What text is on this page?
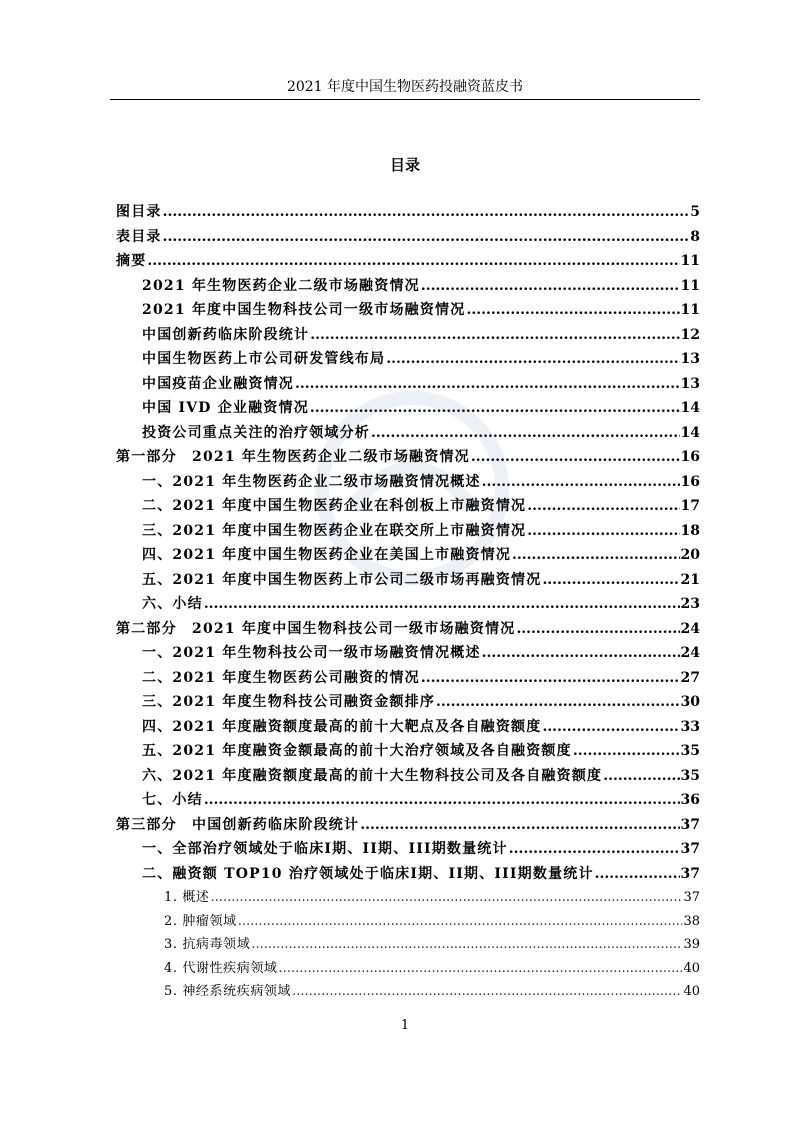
2021 年度中国生物医药投融资蓝皮书
目录
图目录 .....	5
表目录 .....	8
摘要 .....	11
2021 年生物医药企业二级市场融资情况 .....	11
2021 年度中国生物科技公司一级市场融资情况 .....	11
中国创新药临床阶段统计 .....	12
中国生物医药上市公司研发管线布局 .....	13
中国疫苗企业融资情况 .....	13
中国 IVD 企业融资情况 .....	14
投资公司重点关注的治疗领域分析 .....	14
第一部分　2021 年生物医药企业二级市场融资情况 .....	16
一、2021 年生物医药企业二级市场融资情况概述 .....	16
二、2021 年度中国生物医药企业在科创板上市融资情况 .....	17
三、2021 年度中国生物医药企业在联交所上市融资情况 .....	18
四、2021 年度中国生物医药企业在美国上市融资情况 .....	20
五、2021 年度中国生物医药上市公司二级市场再融资情况 .....	21
六、小结 .....	23
第二部分　2021 年度中国生物科技公司一级市场融资情况 .....	24
一、2021 年生物科技公司一级市场融资情况概述 .....	24
二、2021 年度生物医药公司融资的情况 .....	27
三、2021 年度生物科技公司融资金额排序 .....	30
四、2021 年度融资额度最高的前十大靶点及各自融资额度 .....	33
五、2021 年度融资金额最高的前十大治疗领域及各自融资额度 .....	35
六、2021 年度融资额度最高的前十大生物科技公司及各自融资额度 .....	35
七、小结 .....	36
第三部分　中国创新药临床阶段统计 .....	37
一、全部治疗领域处于临床I期、II期、III期数量统计 .....	37
二、融资额 TOP10 治疗领域处于临床I期、II期、III期数量统计 .....	37
1. 概述 .....	37
2. 肿瘤领域 .....	38
3. 抗病毒领域 .....	39
4. 代谢性疾病领域 .....	40
5. 神经系统疾病领域 .....	40
1
